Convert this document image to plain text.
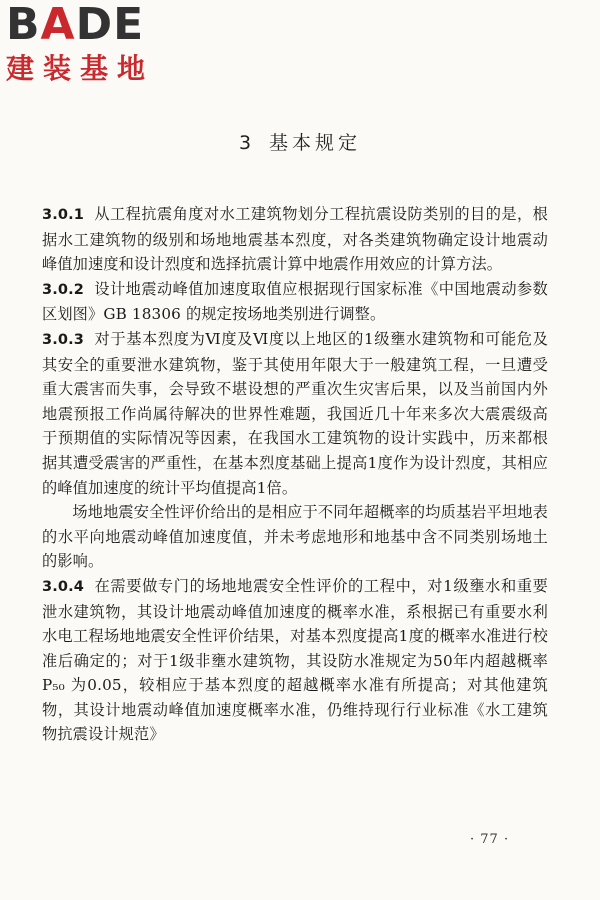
BADE
建装基地
3 基本规定

3.0.1 从工程抗震角度对水工建筑物划分工程抗震设防类别的目的是，根据水工建筑物的级别和场地地震基本烈度，对各类建筑物确定设计地震动峰值加速度和设计烈度和选择抗震计算中地震作用效应的计算方法。

3.0.2 设计地震动峰值加速度取值应根据现行国家标准《中国地震动参数区划图》GB 18306 的规定按场地类别进行调整。

3.0.3 对于基本烈度为Ⅵ度及Ⅵ度以上地区的1级壅水建筑物和可能危及其安全的重要泄水建筑物，鉴于其使用年限大于一般建筑工程，一旦遭受重大震害而失事，会导致不堪设想的严重次生灾害后果，以及当前国内外地震预报工作尚属待解决的世界性难题，我国近几十年来多次大震震级高于预期值的实际情况等因素，在我国水工建筑物的设计实践中，历来都根据其遭受震害的严重性，在基本烈度基础上提高1度作为设计烈度，其相应的峰值加速度的统计平均值提高1倍。

场地地震安全性评价给出的是相应于不同年超概率的均质基岩平坦地表的水平向地震动峰值加速度值，并未考虑地形和地基中含不同类别场地土的影响。

3.0.4 在需要做专门的场地地震安全性评价的工程中，对1级壅水和重要泄水建筑物，其设计地震动峰值加速度的概率水准，系根据已有重要水利水电工程场地地震安全性评价结果，对基本烈度提高1度的概率水准进行校准后确定的；对于1级非壅水建筑物，其设防水准规定为50年内超越概率 P₅₀ 为0.05，较相应于基本烈度的超越概率水准有所提高；对其他建筑物，其设计地震动峰值加速度概率水准，仍维持现行行业标准《水工建筑物抗震设计规范》

· 77 ·
